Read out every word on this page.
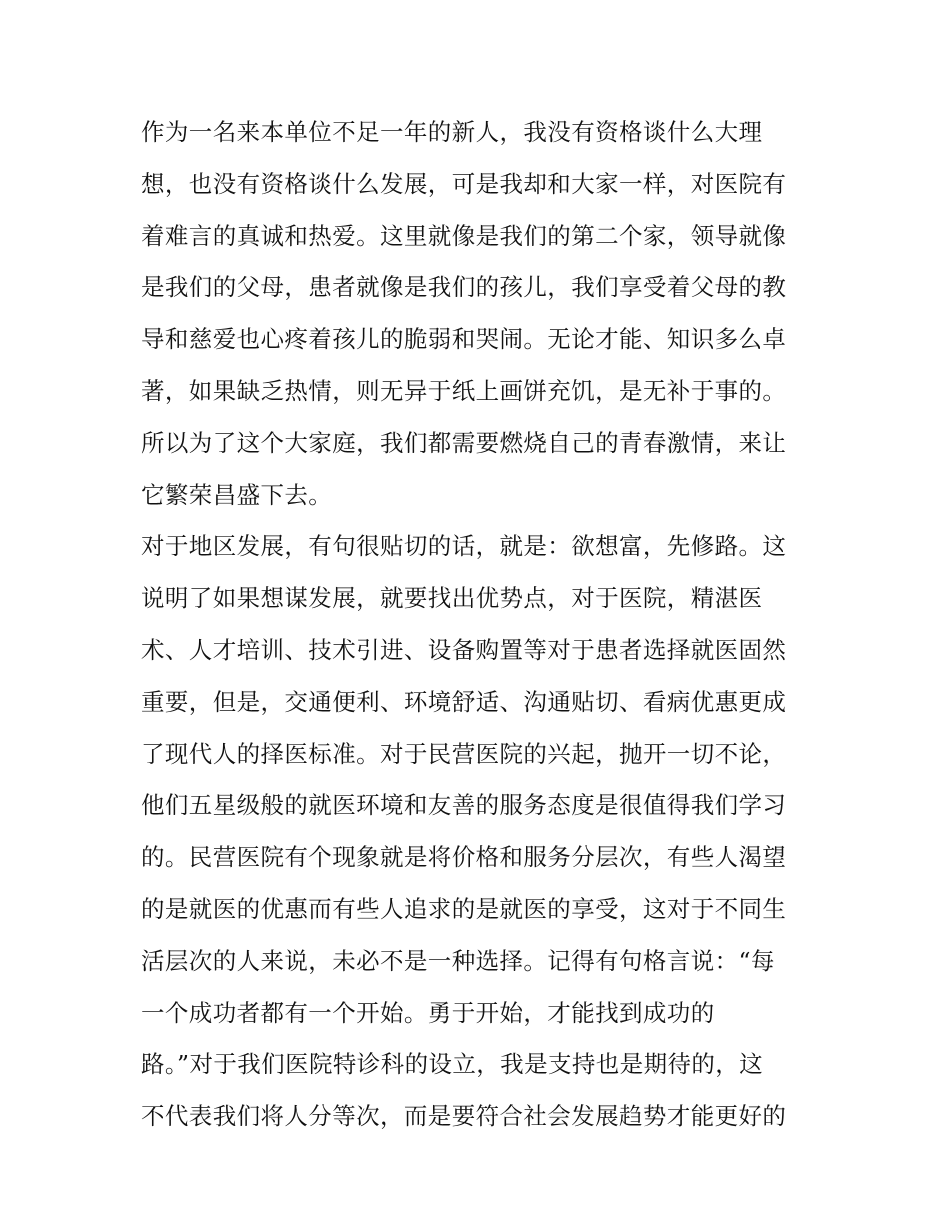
作为一名来本单位不足一年的新人，我没有资格谈什么大理
想，也没有资格谈什么发展，可是我却和大家一样，对医院有
着难言的真诚和热爱。这里就像是我们的第二个家，领导就像
是我们的父母，患者就像是我们的孩儿，我们享受着父母的教
导和慈爱也心疼着孩儿的脆弱和哭闹。无论才能、知识多么卓
著，如果缺乏热情，则无异于纸上画饼充饥，是无补于事的。
所以为了这个大家庭，我们都需要燃烧自己的青春激情，来让
它繁荣昌盛下去。
对于地区发展，有句很贴切的话，就是：欲想富，先修路。这
说明了如果想谋发展，就要找出优势点，对于医院，精湛医
术、人才培训、技术引进、设备购置等对于患者选择就医固然
重要，但是，交通便利、环境舒适、沟通贴切、看病优惠更成
了现代人的择医标准。对于民营医院的兴起，抛开一切不论，
他们五星级般的就医环境和友善的服务态度是很值得我们学习
的。民营医院有个现象就是将价格和服务分层次，有些人渴望
的是就医的优惠而有些人追求的是就医的享受，这对于不同生
活层次的人来说，未必不是一种选择。记得有句格言说：“每
一个成功者都有一个开始。勇于开始，才能找到成功的
路。”对于我们医院特诊科的设立，我是支持也是期待的，这
不代表我们将人分等次，而是要符合社会发展趋势才能更好的
